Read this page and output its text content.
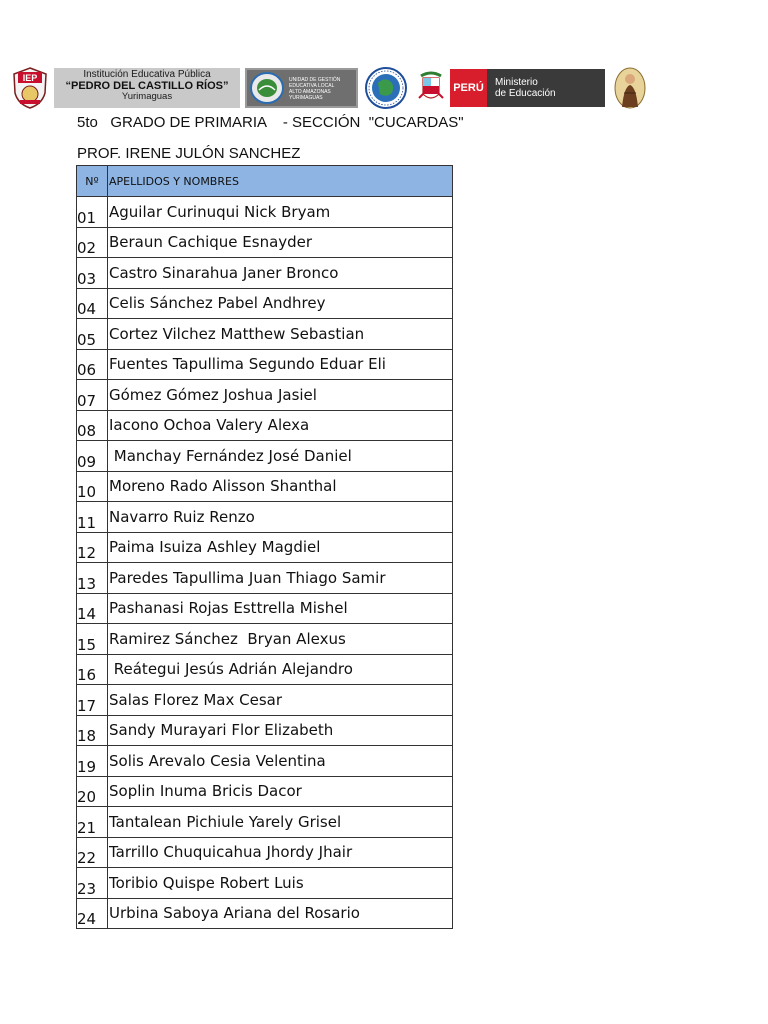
IEP	Institución Educativa Pública
“PEDRO DEL CASTILLO RÍOS”
Yurimaguas
UNIDAD DE GESTIÓN
EDUCATIVA LOCAL
ALTO AMAZONAS
YURIMAGUAS
PERÚ	Ministerio
de Educación
5to   GRADO DE PRIMARIA    - SECCIÓN  "CUCARDAS"
PROF. IRENE JULÓN SANCHEZ
Nº	APELLIDOS Y NOMBRES
01	Aguilar Curinuqui Nick Bryam
02	Beraun Cachique Esnayder
03	Castro Sinarahua Janer Bronco
04	Celis Sánchez Pabel Andhrey
05	Cortez Vilchez Matthew Sebastian
06	Fuentes Tapullima Segundo Eduar Eli
07	Gómez Gómez Joshua Jasiel
08	Iacono Ochoa Valery Alexa
09	Manchay Fernández José Daniel
10	Moreno Rado Alisson Shanthal
11	Navarro Ruiz Renzo
12	Paima Isuiza Ashley Magdiel
13	Paredes Tapullima Juan Thiago Samir
14	Pashanasi Rojas Esttrella Mishel
15	Ramirez Sánchez  Bryan Alexus
16	Reátegui Jesús Adrián Alejandro
17	Salas Florez Max Cesar
18	Sandy Murayari Flor Elizabeth
19	Solis Arevalo Cesia Velentina
20	Soplin Inuma Bricis Dacor
21	Tantalean Pichiule Yarely Grisel
22	Tarrillo Chuquicahua Jhordy Jhair
23	Toribio Quispe Robert Luis
24	Urbina Saboya Ariana del Rosario
